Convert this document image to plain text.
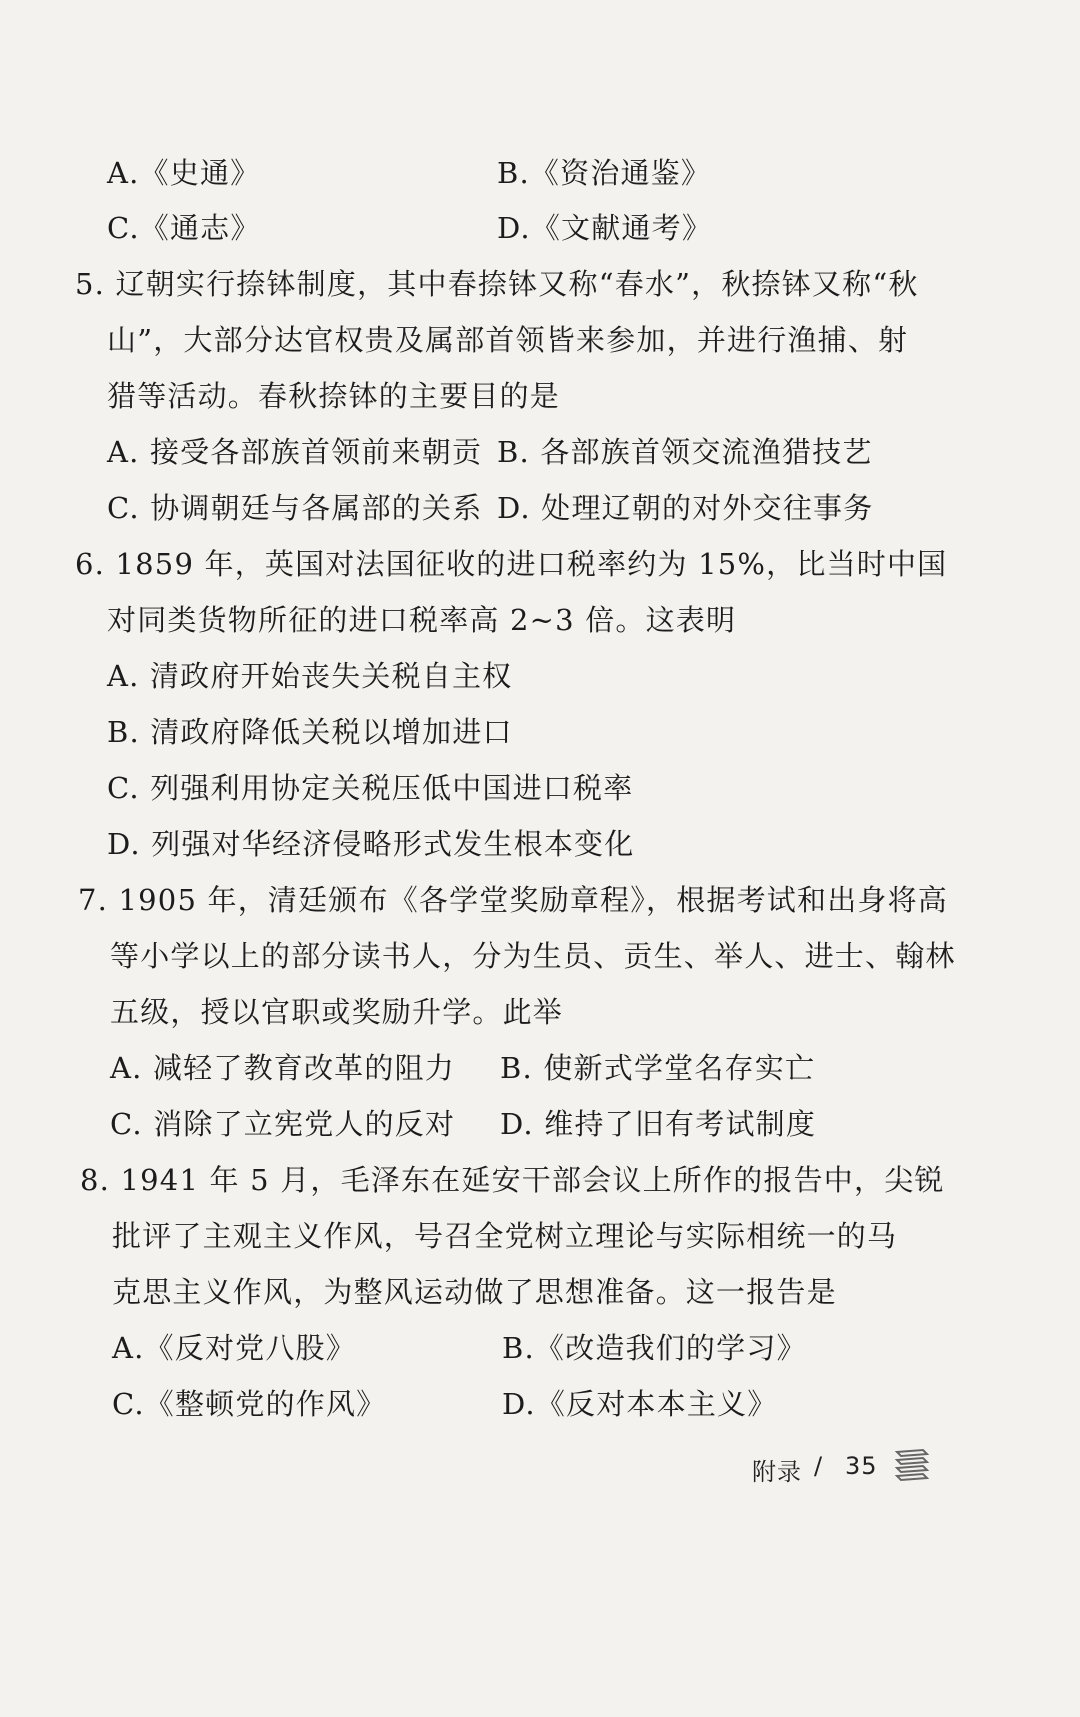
A.《史通》	B.《资治通鉴》
C.《通志》	D.《文献通考》
5. 辽朝实行捺钵制度，其中春捺钵又称“春水”，秋捺钵又称“秋
山”，大部分达官权贵及属部首领皆来参加，并进行渔捕、射
猎等活动。春秋捺钵的主要目的是
A. 接受各部族首领前来朝贡 B. 各部族首领交流渔猎技艺
C. 协调朝廷与各属部的关系 D. 处理辽朝的对外交往事务
6. 1859 年，英国对法国征收的进口税率约为 15%，比当时中国
对同类货物所征的进口税率高 2~3 倍。这表明
A. 清政府开始丧失关税自主权
B. 清政府降低关税以增加进口
C. 列强利用协定关税压低中国进口税率
D. 列强对华经济侵略形式发生根本变化
7. 1905 年，清廷颁布《各学堂奖励章程》，根据考试和出身将高
等小学以上的部分读书人，分为生员、贡生、举人、进士、翰林
五级，授以官职或奖励升学。此举
A. 减轻了教育改革的阻力 B. 使新式学堂名存实亡
C. 消除了立宪党人的反对 D. 维持了旧有考试制度
8. 1941 年 5 月，毛泽东在延安干部会议上所作的报告中，尖锐
批评了主观主义作风，号召全党树立理论与实际相统一的马
克思主义作风，为整风运动做了思想准备。这一报告是
A.《反对党八股》	B.《改造我们的学习》
C.《整顿党的作风》	D.《反对本本主义》
附录 / 35
